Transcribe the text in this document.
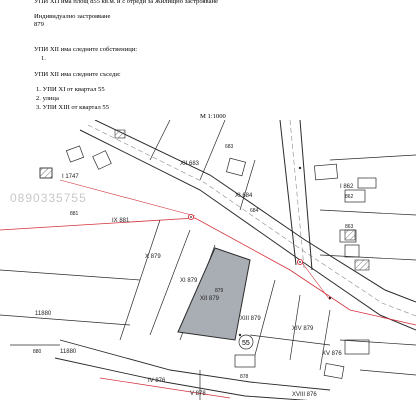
УПИ ХП има площ 855 кв.м. и с отреди за Жилищно застрояване
Индивидуално застрояване
879
УПИ XII има следните собственици:
1.
УПИ XII има следните съседи:
1. УПИ XI от квартал 55
2. улица
3. УПИ XIII от квартал 55
М 1:1000
55
0890335755
XII 683
683
I 1747
XI 684
684
I 862
862
881
IX 881
863
X 879
XI 879
879
XII 879
XIII 879
XIV 879
11880
11880
880	XV 876
IV 876
V 878	XVIII 876
878
